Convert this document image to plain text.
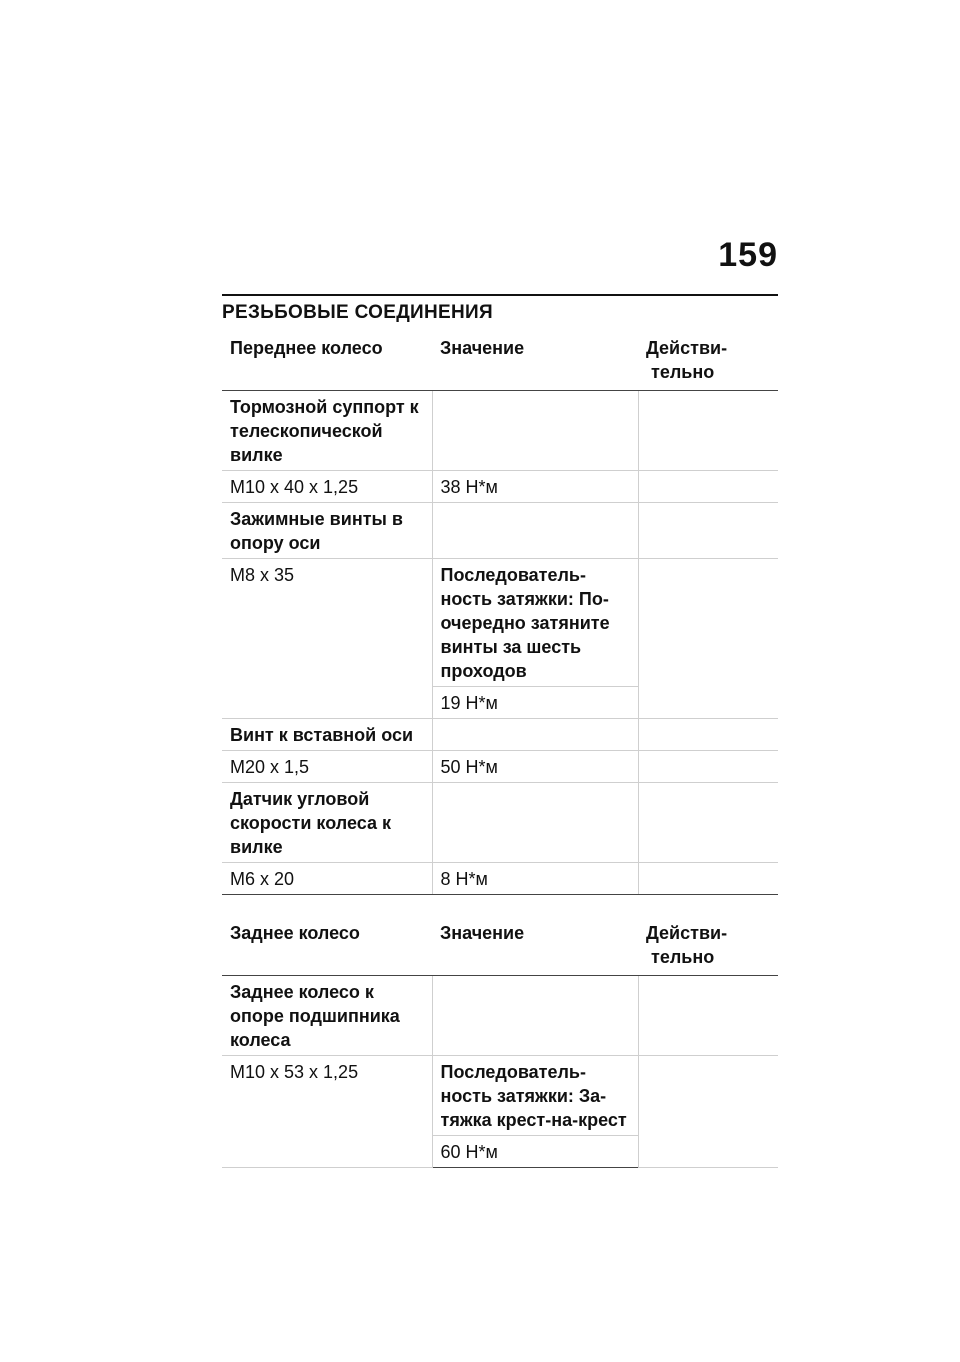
159
РЕЗЬБОВЫЕ СОЕДИНЕНИЯ
Переднее колесо	Значение	Действи- тельно
Тормозной суппорт к телескопической вилке		
M10 x 40 x 1,25	38 Н*м	
Зажимные винты в опору оси		
M8 x 35	Последователь-ность затяжки: По-очередно затяните винты за шесть проходов	
	19 Н*м	
Винт к вставной оси		
M20 x 1,5	50 Н*м	
Датчик угловой скорости колеса к вилке		
M6 x 20	8 Н*м	
Заднее колесо	Значение	Действи- тельно
Заднее колесо к опоре подшипника колеса		
M10 x 53 x 1,25	Последователь-ность затяжки: За-тяжка крест-на-крест	
	60 Н*м	
